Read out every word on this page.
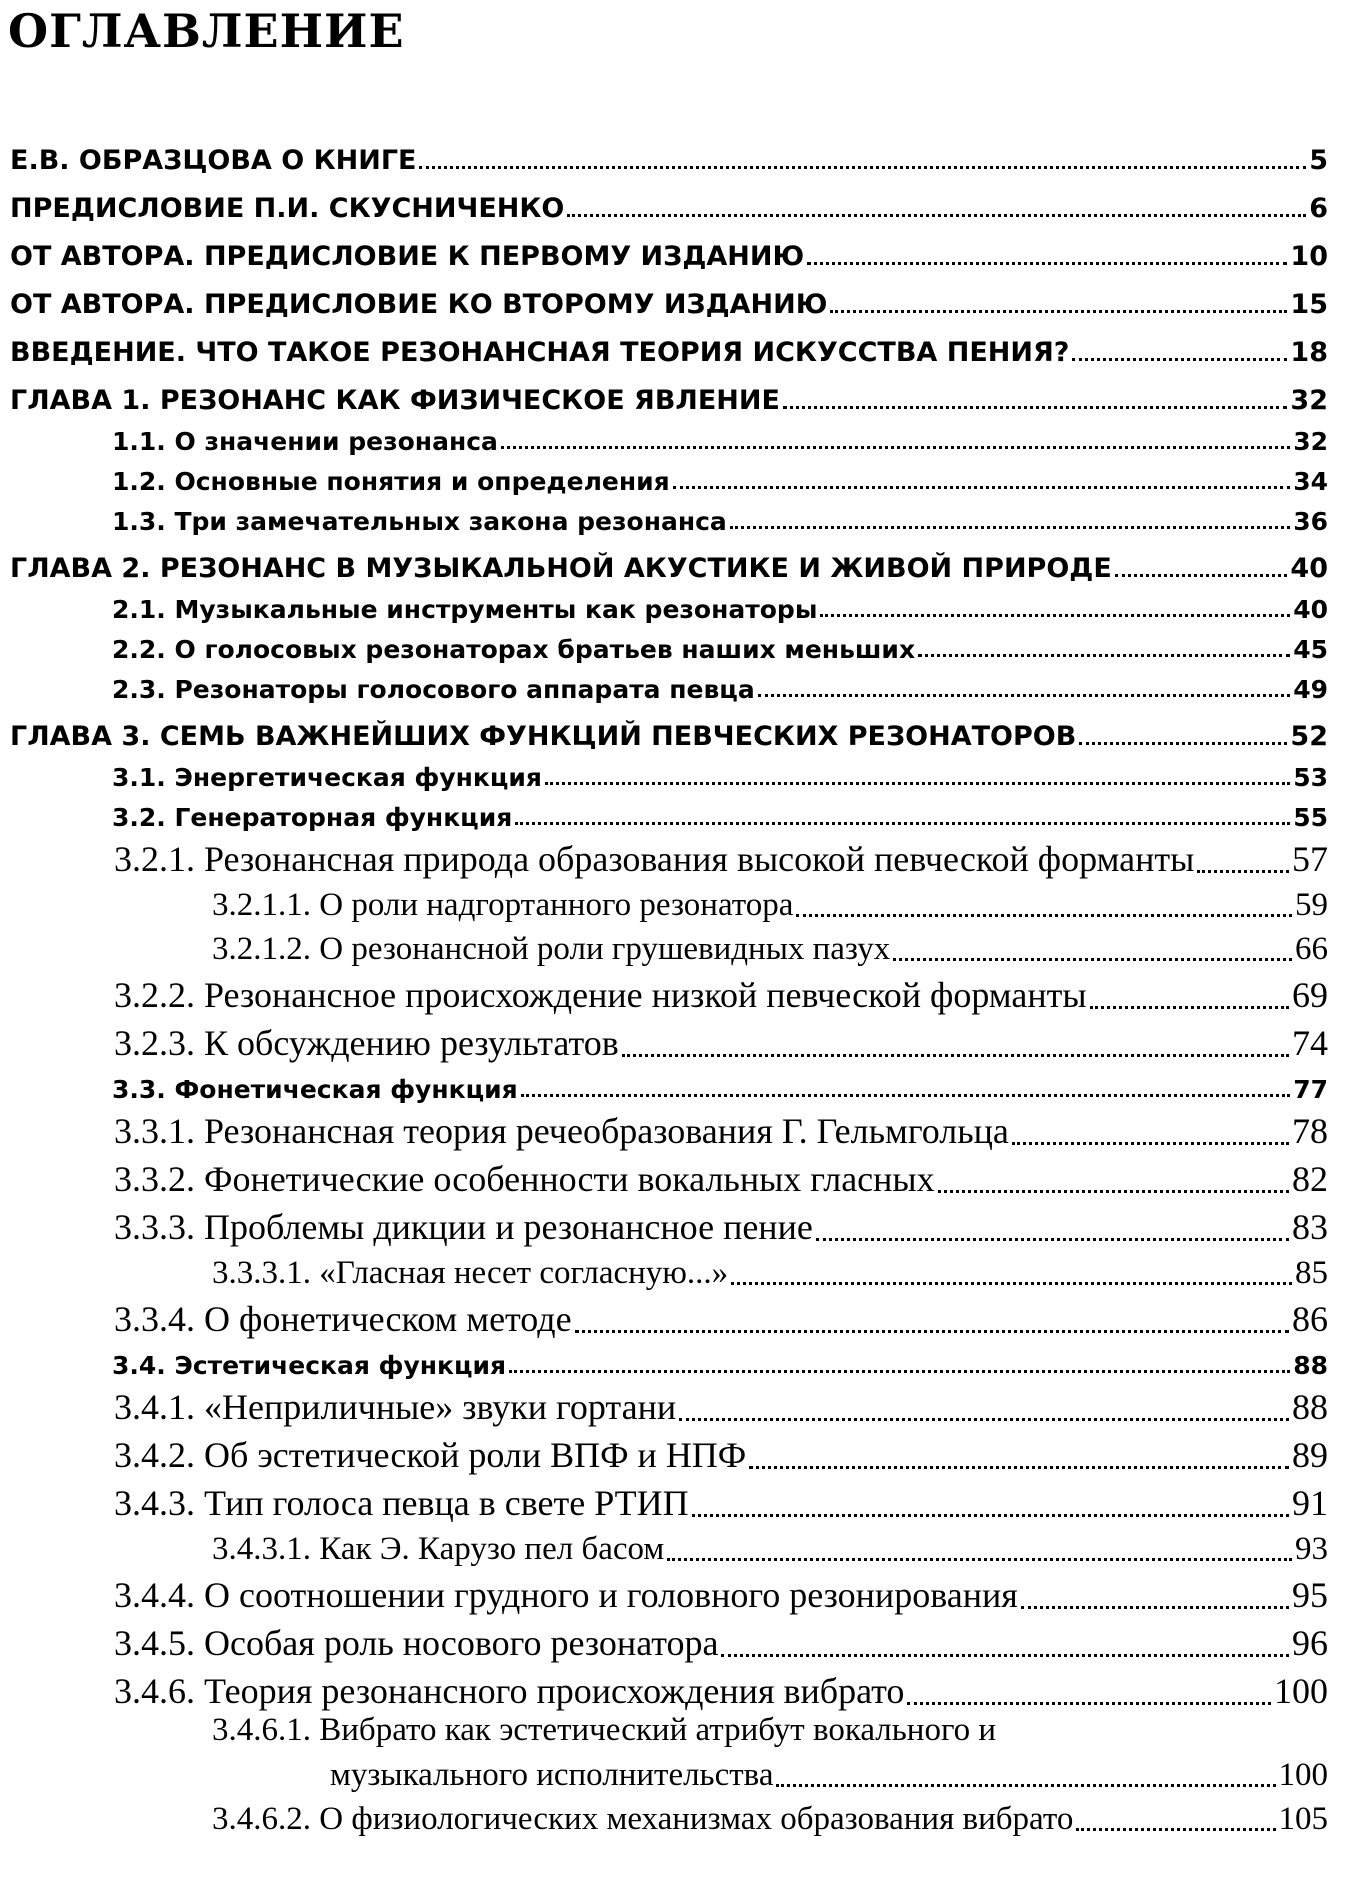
ОГЛАВЛЕНИЕ
Е.В. ОБРАЗЦОВА О КНИГЕ	5
ПРЕДИСЛОВИЕ П.И. СКУСНИЧЕНКО	6
ОТ АВТОРА. ПРЕДИСЛОВИЕ К ПЕРВОМУ ИЗДАНИЮ	10
ОТ АВТОРА. ПРЕДИСЛОВИЕ КО ВТОРОМУ ИЗДАНИЮ	15
ВВЕДЕНИЕ. ЧТО ТАКОЕ РЕЗОНАНСНАЯ ТЕОРИЯ ИСКУССТВА ПЕНИЯ?	18
ГЛАВА 1. РЕЗОНАНС КАК ФИЗИЧЕСКОЕ ЯВЛЕНИЕ	32
1.1. О значении резонанса	32
1.2. Основные понятия и определения	34
1.3. Три замечательных закона резонанса	36
ГЛАВА 2. РЕЗОНАНС В МУЗЫКАЛЬНОЙ АКУСТИКЕ И ЖИВОЙ ПРИРОДЕ	40
2.1. Музыкальные инструменты как резонаторы	40
2.2. О голосовых резонаторах братьев наших меньших	45
2.3. Резонаторы голосового аппарата певца	49
ГЛАВА 3. СЕМЬ ВАЖНЕЙШИХ ФУНКЦИЙ ПЕВЧЕСКИХ РЕЗОНАТОРОВ	52
3.1. Энергетическая функция	53
3.2. Генераторная функция	55
3.2.1. Резонансная природа образования высокой певческой форманты	57
3.2.1.1. О роли надгортанного резонатора	59
3.2.1.2. О резонансной роли грушевидных пазух	66
3.2.2. Резонансное происхождение низкой певческой форманты	69
3.2.3. К обсуждению результатов	74
3.3. Фонетическая функция	77
3.3.1. Резонансная теория речеобразования Г. Гельмгольца	78
3.3.2. Фонетические особенности вокальных гласных	82
3.3.3. Проблемы дикции и резонансное пение	83
3.3.3.1. «Гласная несет согласную...»	85
3.3.4. О фонетическом методе	86
3.4. Эстетическая функция	88
3.4.1. «Неприличные» звуки гортани	88
3.4.2. Об эстетической роли ВПФ и НПФ	89
3.4.3. Тип голоса певца в свете РТИП	91
3.4.3.1. Как Э. Карузо пел басом	93
3.4.4. О соотношении грудного и головного резонирования	95
3.4.5. Особая роль носового резонатора	96
3.4.6. Теория резонансного происхождения вибрато	100
3.4.6.1. Вибрато как эстетический атрибут вокального и
музыкального исполнительства	100
3.4.6.2. О физиологических механизмах образования вибрато	105
